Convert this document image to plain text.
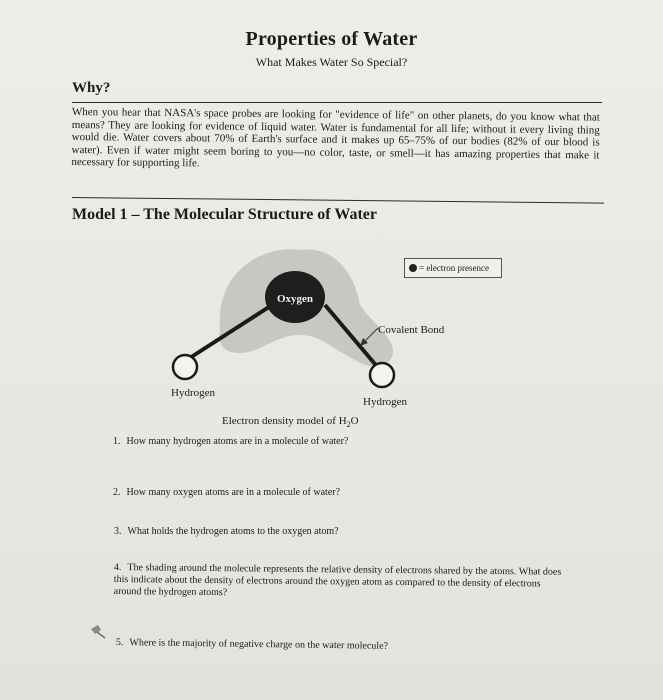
Properties of Water
What Makes Water So Special?
Why?
When you hear that NASA's space probes are looking for "evidence of life" on other planets, do you know what that means? They are looking for evidence of liquid water. Water is fundamental for all life; without it every living thing would die. Water covers about 70% of Earth's surface and it makes up 65–75% of our bodies (82% of our blood is water). Even if water might seem boring to you—no color, taste, or smell—it has amazing properties that make it necessary for supporting life.
Model 1 – The Molecular Structure of Water
Oxygen
= electron presence
Covalent Bond
Hydrogen
Hydrogen
Electron density model of $H_2O$
1. How many hydrogen atoms are in a molecule of water?
2. How many oxygen atoms are in a molecule of water?
3. What holds the hydrogen atoms to the oxygen atom?
4. The shading around the molecule represents the relative density of electrons shared by the atoms. What does this indicate about the density of electrons around the oxygen atom as compared to the density of electrons around the hydrogen atoms?
5. Where is the majority of negative charge on the water molecule?
